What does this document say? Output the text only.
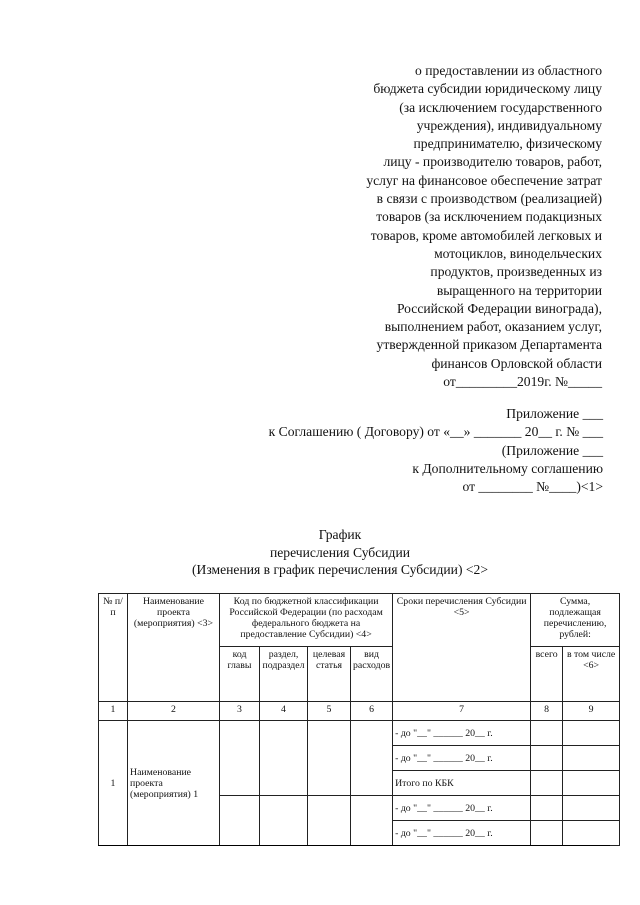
о предоставлении из областного
бюджета субсидии юридическому лицу
(за исключением государственного
учреждения), индивидуальному
предпринимателю, физическому
лицу - производителю товаров, работ,
услуг на финансовое обеспечение затрат
в связи с производством (реализацией)
товаров (за исключением подакцизных
товаров, кроме автомобилей легковых и
мотоциклов, винодельческих
продуктов, произведенных из
выращенного на территории
Российской Федерации винограда),
выполнением работ, оказанием услуг,
утвержденной приказом Департамента
финансов Орловской области
от_________2019г. №_____
Приложение ___
к Соглашению ( Договору) от «__» _______ 20__ г. № ___
(Приложение ___
к Дополнительному соглашению
от ________ №____)<1>
График
перечисления Субсидии
(Изменения в график перечисления Субсидии) <2>
№ п/п	Наименование проекта (мероприятия) <3>	Код по бюджетной классификации Российской Федерации (по расходам федерального бюджета на предоставление Субсидии) <4>				Сроки перечисления Субсидии <5>	Сумма, подлежащая перечислению, рублей:	
		код главы	раздел, подраздел	целевая статья	вид расходов		всего	в том числе <6>
1	2	3	4	5	6	7	8	9
1	Наименование проекта (мероприятия) 1					- до "__" ______ 20__ г.		
						- до "__" ______ 20__ г.		
						Итого по КБК		
						- до "__" ______ 20__ г.		
						- до "__" ______ 20__ г.		
